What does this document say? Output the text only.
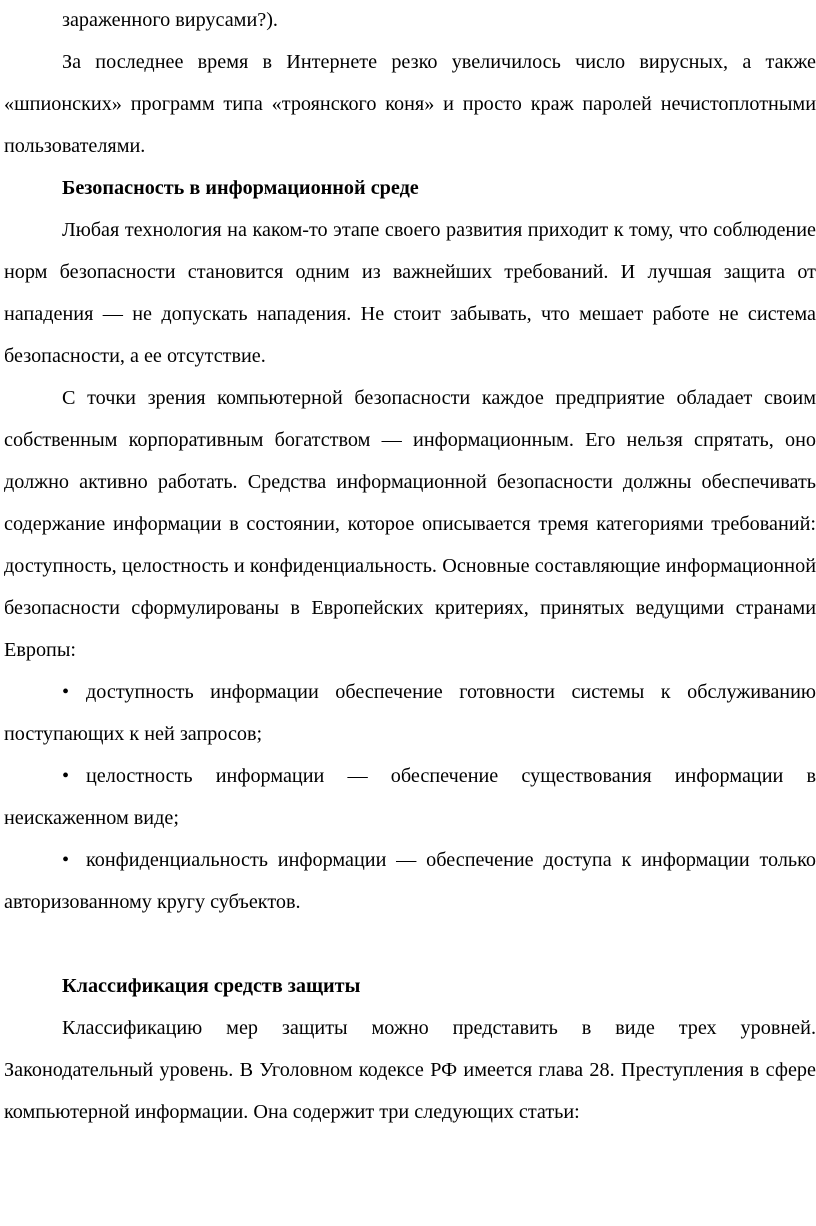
зараженного вирусами?).

За последнее время в Интернете резко увеличилось число вирусных, а также «шпионских» программ типа «троянского коня» и просто краж паролей нечистоплотными пользователями.

Безопасность в информационной среде

Любая технология на каком-то этапе своего развития приходит к тому, что соблюдение норм безопасности становится одним из важнейших требований. И лучшая защита от нападения — не допускать нападения. Не стоит забывать, что мешает работе не система безопасности, а ее отсутствие.

С точки зрения компьютерной безопасности каждое предприятие обладает своим собственным корпоративным богатством — информационным. Его нельзя спрятать, оно должно активно работать. Средства информационной безопасности должны обеспечивать содержание информации в состоянии, которое описывается тремя категориями требований: доступность, целостность и конфиденциальность. Основные составляющие информационной безопасности сформулированы в Европейских критериях, принятых ведущими странами Европы:

• доступность информации обеспечение готовности системы к обслуживанию поступающих к ней запросов;

• целостность информации — обеспечение существования информации в неискаженном виде;

• конфиденциальность информации — обеспечение доступа к информации только авторизованному кругу субъектов.

Классификация средств защиты

Классификацию мер защиты можно представить в виде трех уровней. Законодательный уровень. В Уголовном кодексе РФ имеется глава 28. Преступления в сфере компьютерной информации. Она содержит три следующих статьи:
